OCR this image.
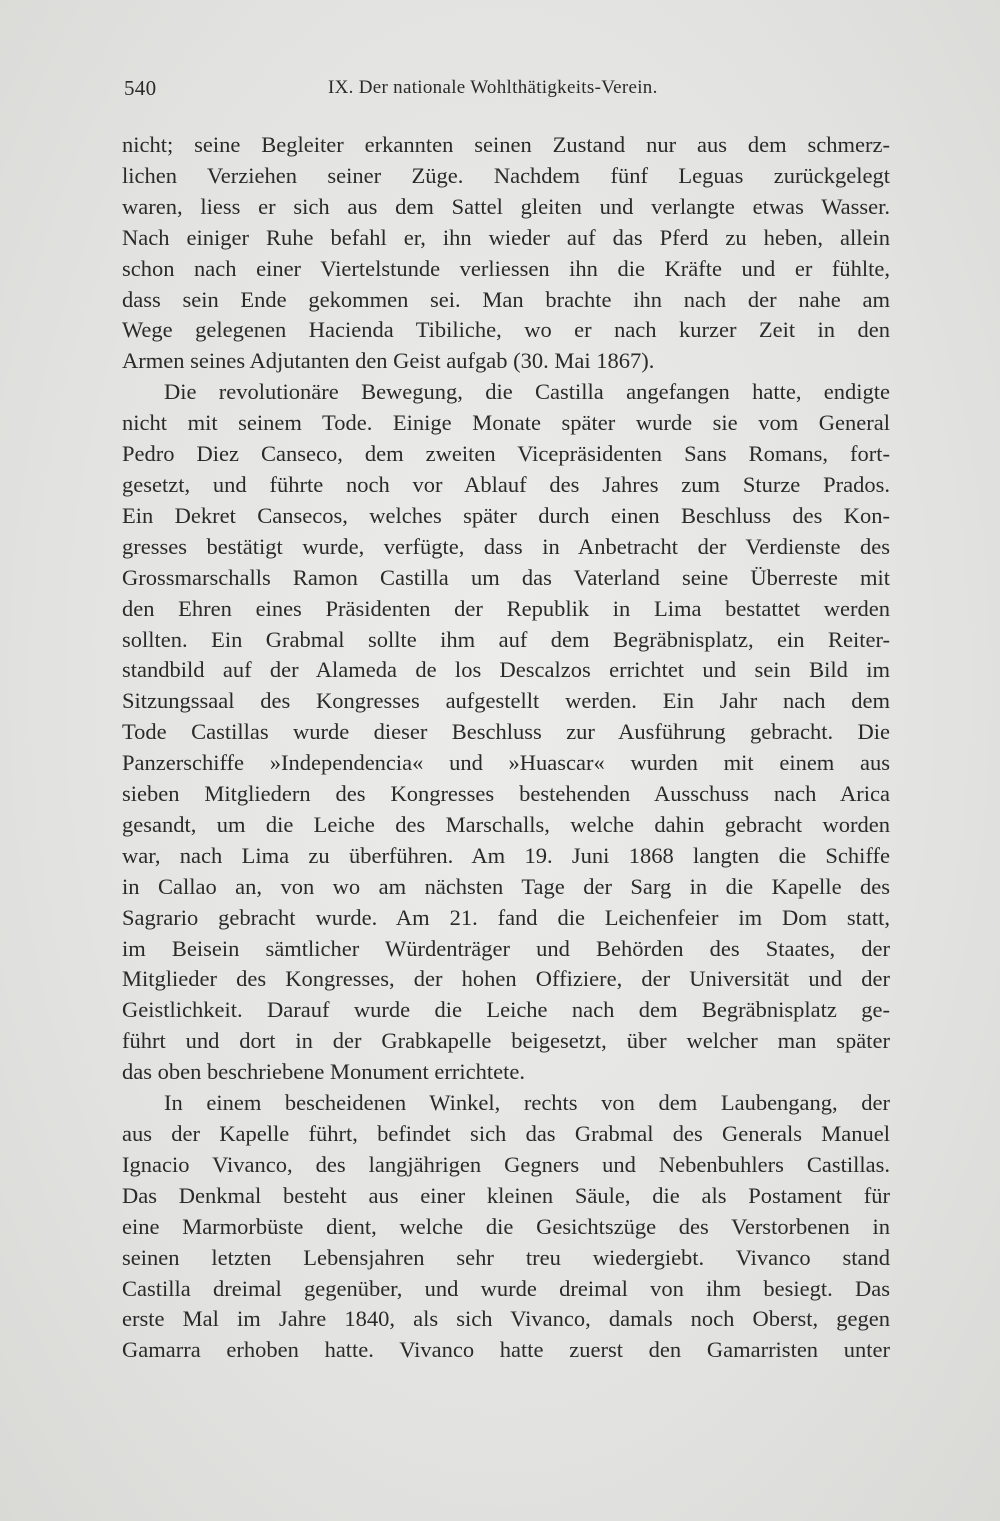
540	IX. Der nationale Wohlthätigkeits-Verein.
nicht; seine Begleiter erkannten seinen Zustand nur aus dem schmerz-
lichen Verziehen seiner Züge. Nachdem fünf Leguas zurückgelegt
waren, liess er sich aus dem Sattel gleiten und verlangte etwas Wasser.
Nach einiger Ruhe befahl er, ihn wieder auf das Pferd zu heben, allein
schon nach einer Viertelstunde verliessen ihn die Kräfte und er fühlte,
dass sein Ende gekommen sei. Man brachte ihn nach der nahe am
Wege gelegenen Hacienda Tibiliche, wo er nach kurzer Zeit in den
Armen seines Adjutanten den Geist aufgab (30. Mai 1867).
Die revolutionäre Bewegung, die Castilla angefangen hatte, endigte
nicht mit seinem Tode. Einige Monate später wurde sie vom General
Pedro Diez Canseco, dem zweiten Vicepräsidenten Sans Romans, fort-
gesetzt, und führte noch vor Ablauf des Jahres zum Sturze Prados.
Ein Dekret Cansecos, welches später durch einen Beschluss des Kon-
gresses bestätigt wurde, verfügte, dass in Anbetracht der Verdienste des
Grossmarschalls Ramon Castilla um das Vaterland seine Überreste mit
den Ehren eines Präsidenten der Republik in Lima bestattet werden
sollten. Ein Grabmal sollte ihm auf dem Begräbnisplatz, ein Reiter-
standbild auf der Alameda de los Descalzos errichtet und sein Bild im
Sitzungssaal des Kongresses aufgestellt werden. Ein Jahr nach dem
Tode Castillas wurde dieser Beschluss zur Ausführung gebracht. Die
Panzerschiffe »Independencia« und »Huascar« wurden mit einem aus
sieben Mitgliedern des Kongresses bestehenden Ausschuss nach Arica
gesandt, um die Leiche des Marschalls, welche dahin gebracht worden
war, nach Lima zu überführen. Am 19. Juni 1868 langten die Schiffe
in Callao an, von wo am nächsten Tage der Sarg in die Kapelle des
Sagrario gebracht wurde. Am 21. fand die Leichenfeier im Dom statt,
im Beisein sämtlicher Würdenträger und Behörden des Staates, der
Mitglieder des Kongresses, der hohen Offiziere, der Universität und der
Geistlichkeit. Darauf wurde die Leiche nach dem Begräbnisplatz ge-
führt und dort in der Grabkapelle beigesetzt, über welcher man später
das oben beschriebene Monument errichtete.
In einem bescheidenen Winkel, rechts von dem Laubengang, der
aus der Kapelle führt, befindet sich das Grabmal des Generals Manuel
Ignacio Vivanco, des langjährigen Gegners und Nebenbuhlers Castillas.
Das Denkmal besteht aus einer kleinen Säule, die als Postament für
eine Marmorbüste dient, welche die Gesichtszüge des Verstorbenen in
seinen letzten Lebensjahren sehr treu wiedergiebt. Vivanco stand
Castilla dreimal gegenüber, und wurde dreimal von ihm besiegt. Das
erste Mal im Jahre 1840, als sich Vivanco, damals noch Oberst, gegen
Gamarra erhoben hatte. Vivanco hatte zuerst den Gamarristen unter
